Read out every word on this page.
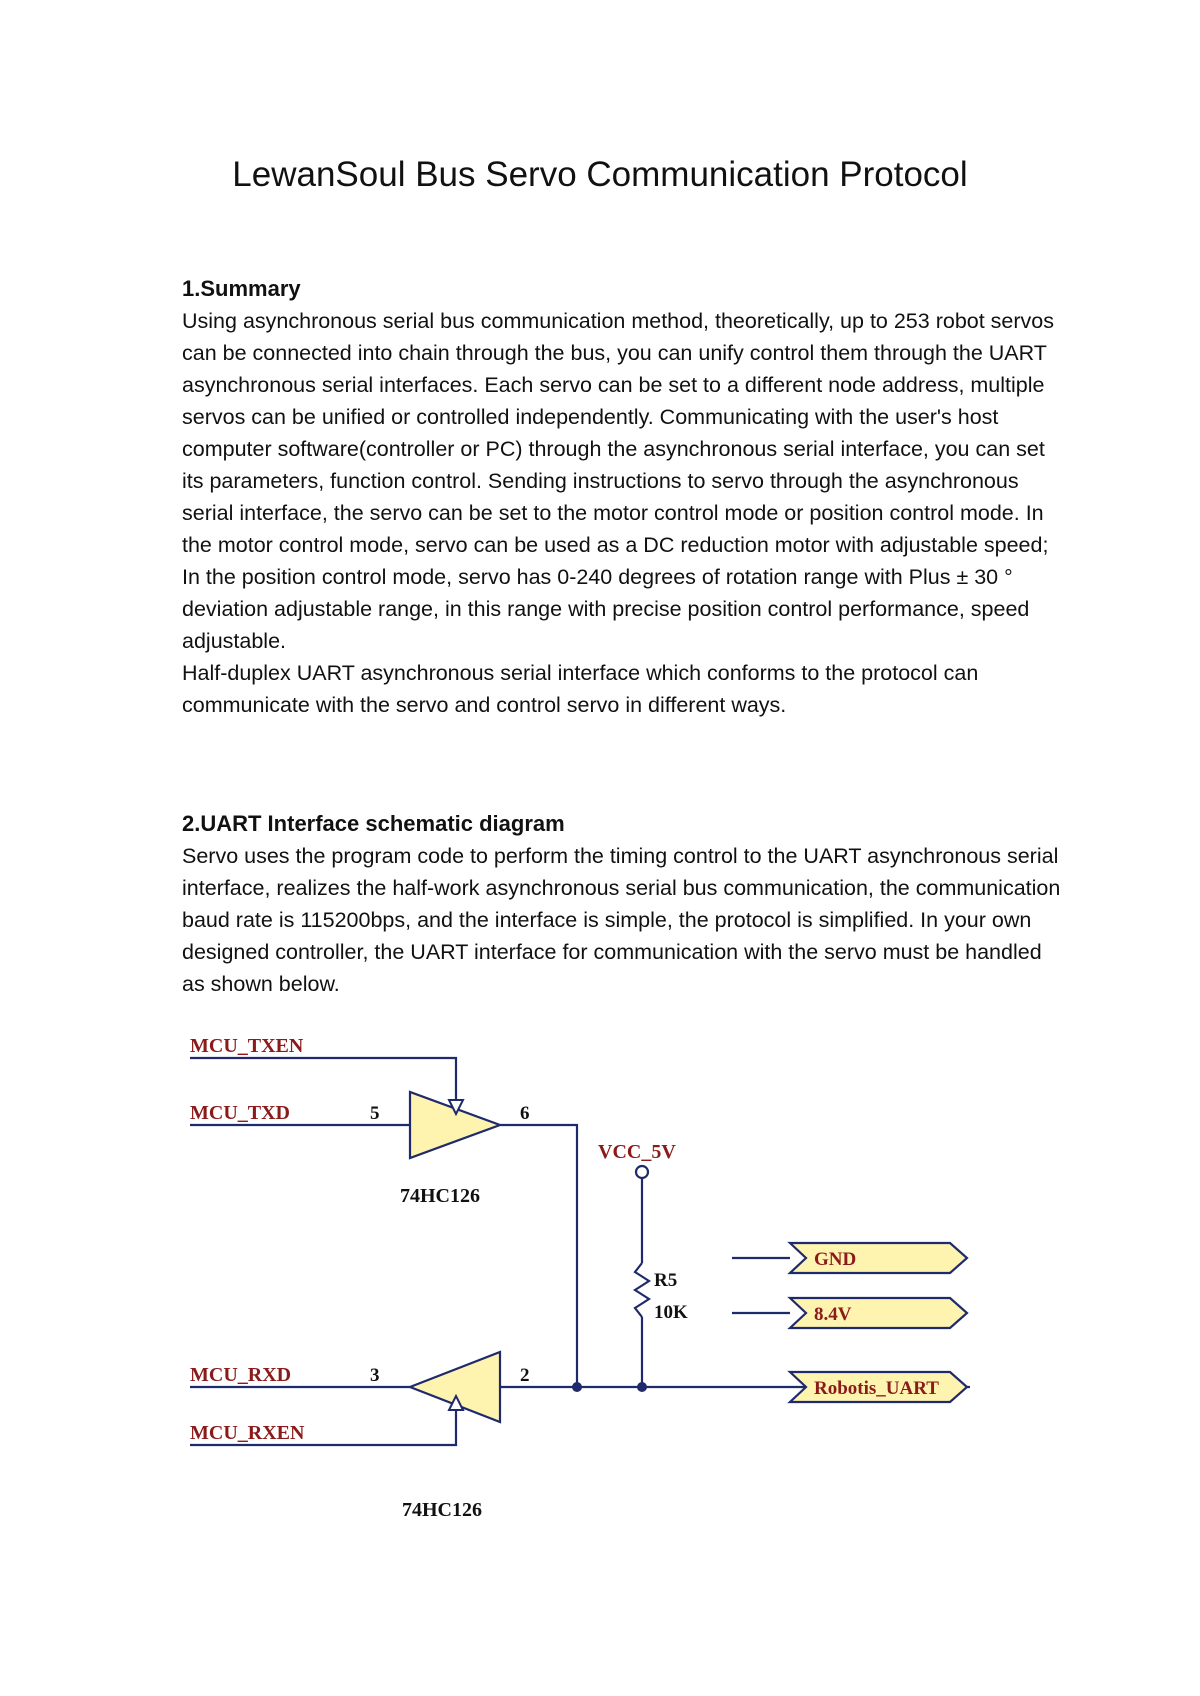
LewanSoul Bus Servo Communication Protocol

1.Summary

Using asynchronous serial bus communication method, theoretically, up to 253 robot servos can be connected into chain through the bus, you can unify control them through the UART asynchronous serial interfaces. Each servo can be set to a different node address, multiple servos can be unified or controlled independently. Communicating with the user's host computer software(controller or PC) through the asynchronous serial interface, you can set its parameters, function control. Sending instructions to servo through the asynchronous serial interface, the servo can be set to the motor control mode or position control mode. In the motor control mode, servo can be used as a DC reduction motor with adjustable speed; In the position control mode, servo has 0-240 degrees of rotation range with Plus ± 30 ° deviation adjustable range, in this range with precise position control performance, speed adjustable.

Half-duplex UART asynchronous serial interface which conforms to the protocol can communicate with the servo and control servo in different ways.

2.UART Interface schematic diagram

Servo uses the program code to perform the timing control to the UART asynchronous serial interface, realizes the half-work asynchronous serial bus communication, the communication baud rate is 115200bps, and the interface is simple, the protocol is simplified. In your own designed controller, the UART interface for communication with the servo must be handled as shown below.

MCU_TXEN
MCU_TXD
MCU_RXD
MCU_RXEN
5	6
3	2
74HC126
74HC126
VCC_5V
R5
10K
GND
8.4V
Robotis_UART
